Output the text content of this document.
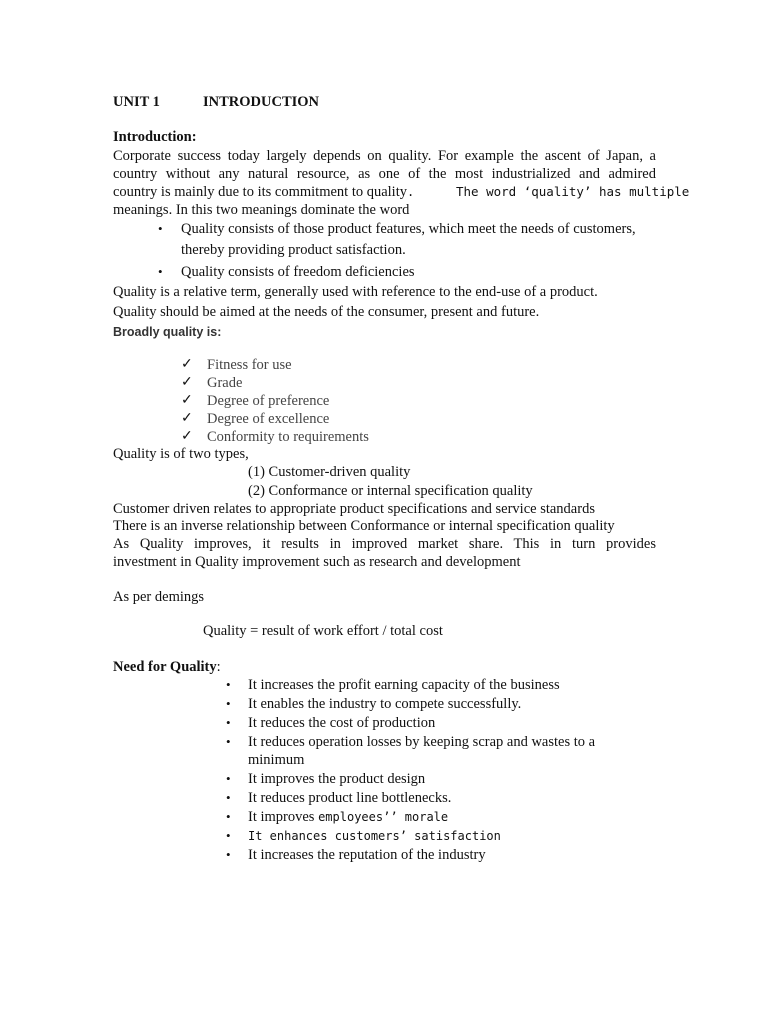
UNIT 1	INTRODUCTION
Introduction:

Corporate success today largely depends on quality. For example the ascent of Japan, a

country without any natural resource, as one of the most industrialized and admired

country is mainly due to its commitment to quality.	The word ‘quality’ has multiple
meanings. In this two meanings dominate the word
• Quality consists of those product features, which meet the needs of customers,
thereby providing product satisfaction.
• Quality consists of freedom deficiencies
Quality is a relative term, generally used with reference to the end-use of a product.
Quality should be aimed at the needs of the consumer, present and future.
Broadly quality is:
✓ Fitness for use
✓ Grade
✓ Degree of preference
✓ Degree of excellence
✓ Conformity to requirements
Quality is of two types,
(1) Customer-driven quality
(2) Conformance or internal specification quality
Customer driven relates to appropriate product specifications and service standards
There is an inverse relationship between Conformance or internal specification quality

As Quality improves, it results in improved market share. This in turn provides

investment in Quality improvement such as research and development
As per demings
Quality = result of work effort / total cost
Need for Quality:
• It increases the profit earning capacity of the business
• It enables the industry to compete successfully.
• It reduces the cost of production
• It reduces operation losses by keeping scrap and wastes to a
minimum
• It improves the product design
• It reduces product line bottlenecks.
• It improves employees’’ morale
• It enhances customers’ satisfaction
• It increases the reputation of the industry
